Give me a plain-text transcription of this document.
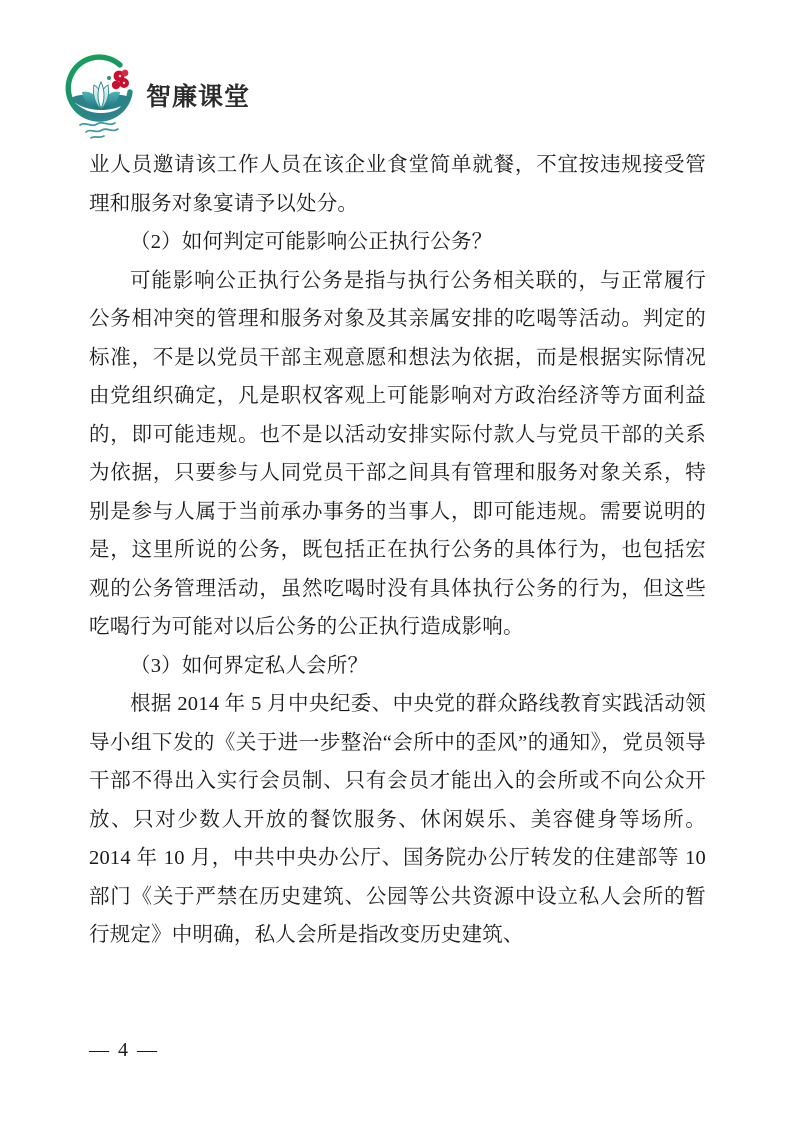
智廉课堂

业人员邀请该工作人员在该企业食堂简单就餐，不宜按违规接受管理和服务对象宴请予以处分。

（2）如何判定可能影响公正执行公务？

可能影响公正执行公务是指与执行公务相关联的，与正常履行公务相冲突的管理和服务对象及其亲属安排的吃喝等活动。判定的标准，不是以党员干部主观意愿和想法为依据，而是根据实际情况由党组织确定，凡是职权客观上可能影响对方政治经济等方面利益的，即可能违规。也不是以活动安排实际付款人与党员干部的关系为依据，只要参与人同党员干部之间具有管理和服务对象关系，特别是参与人属于当前承办事务的当事人，即可能违规。需要说明的是，这里所说的公务，既包括正在执行公务的具体行为，也包括宏观的公务管理活动，虽然吃喝时没有具体执行公务的行为，但这些吃喝行为可能对以后公务的公正执行造成影响。

（3）如何界定私人会所？

根据 2014 年 5 月中央纪委、中央党的群众路线教育实践活动领导小组下发的《关于进一步整治“会所中的歪风”的通知》，党员领导干部不得出入实行会员制、只有会员才能出入的会所或不向公众开放、只对少数人开放的餐饮服务、休闲娱乐、美容健身等场所。2014 年 10 月，中共中央办公厅、国务院办公厅转发的住建部等 10 部门《关于严禁在历史建筑、公园等公共资源中设立私人会所的暂行规定》中明确，私人会所是指改变历史建筑、

— 4 —
